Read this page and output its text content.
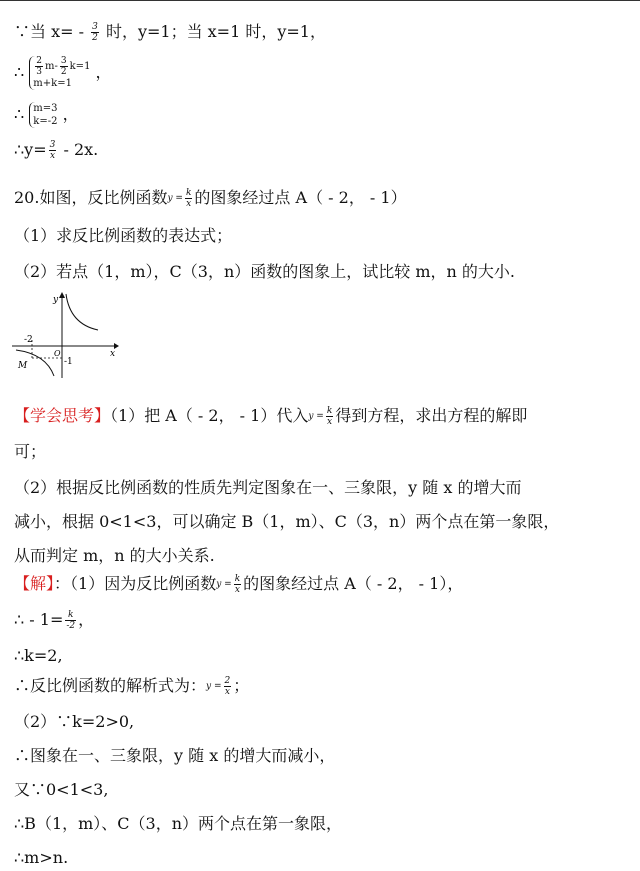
∵当 $x= - \frac{3}{2}$ 时，y=1；当 x=1 时，y=1，
∴ $\frac{2}{3} m- \frac{3}{2} k=1$
m+k=1
，
∴ m=3
k=-2 ，
∴y= $\frac{3}{x} - 2x$.
20.如图，反比例函数$y = \frac{k}{x}$ 的图象经过点 A（ - 2， - 1）
（1）求反比例函数的表达式；
（2）若点（1，m），C（3，n）函数的图象上，试比较 m，n 的大小.
y
x
-2
O
-1
M
【学会思考】（1）把 A（ - 2， - 1）代入$y = \frac{k}{x}$ 得到方程，求出方程的解即
可；
（2）根据反比例函数的性质先判定图象在一、三象限，y 随 x 的增大而
减小，根据 0<1<3，可以确定 B（1，m）、C（3，n）两个点在第一象限，
从而判定 m，n 的大小关系.
【解】：（1）因为反比例函数$y = \frac{k}{x}$ 的图象经过点 A（ - 2， - 1），
∴ - $1= \frac{k}{-2}$ ，
∴k=2,
∴反比例函数的解析式为：$y = \frac{2}{x}$ ；
（2）∵k=2>0,
∴图象在一、三象限，y 随 x 的增大而减小，
又∵0<1<3,
∴B（1，m）、C（3，n）两个点在第一象限，
∴m>n.
